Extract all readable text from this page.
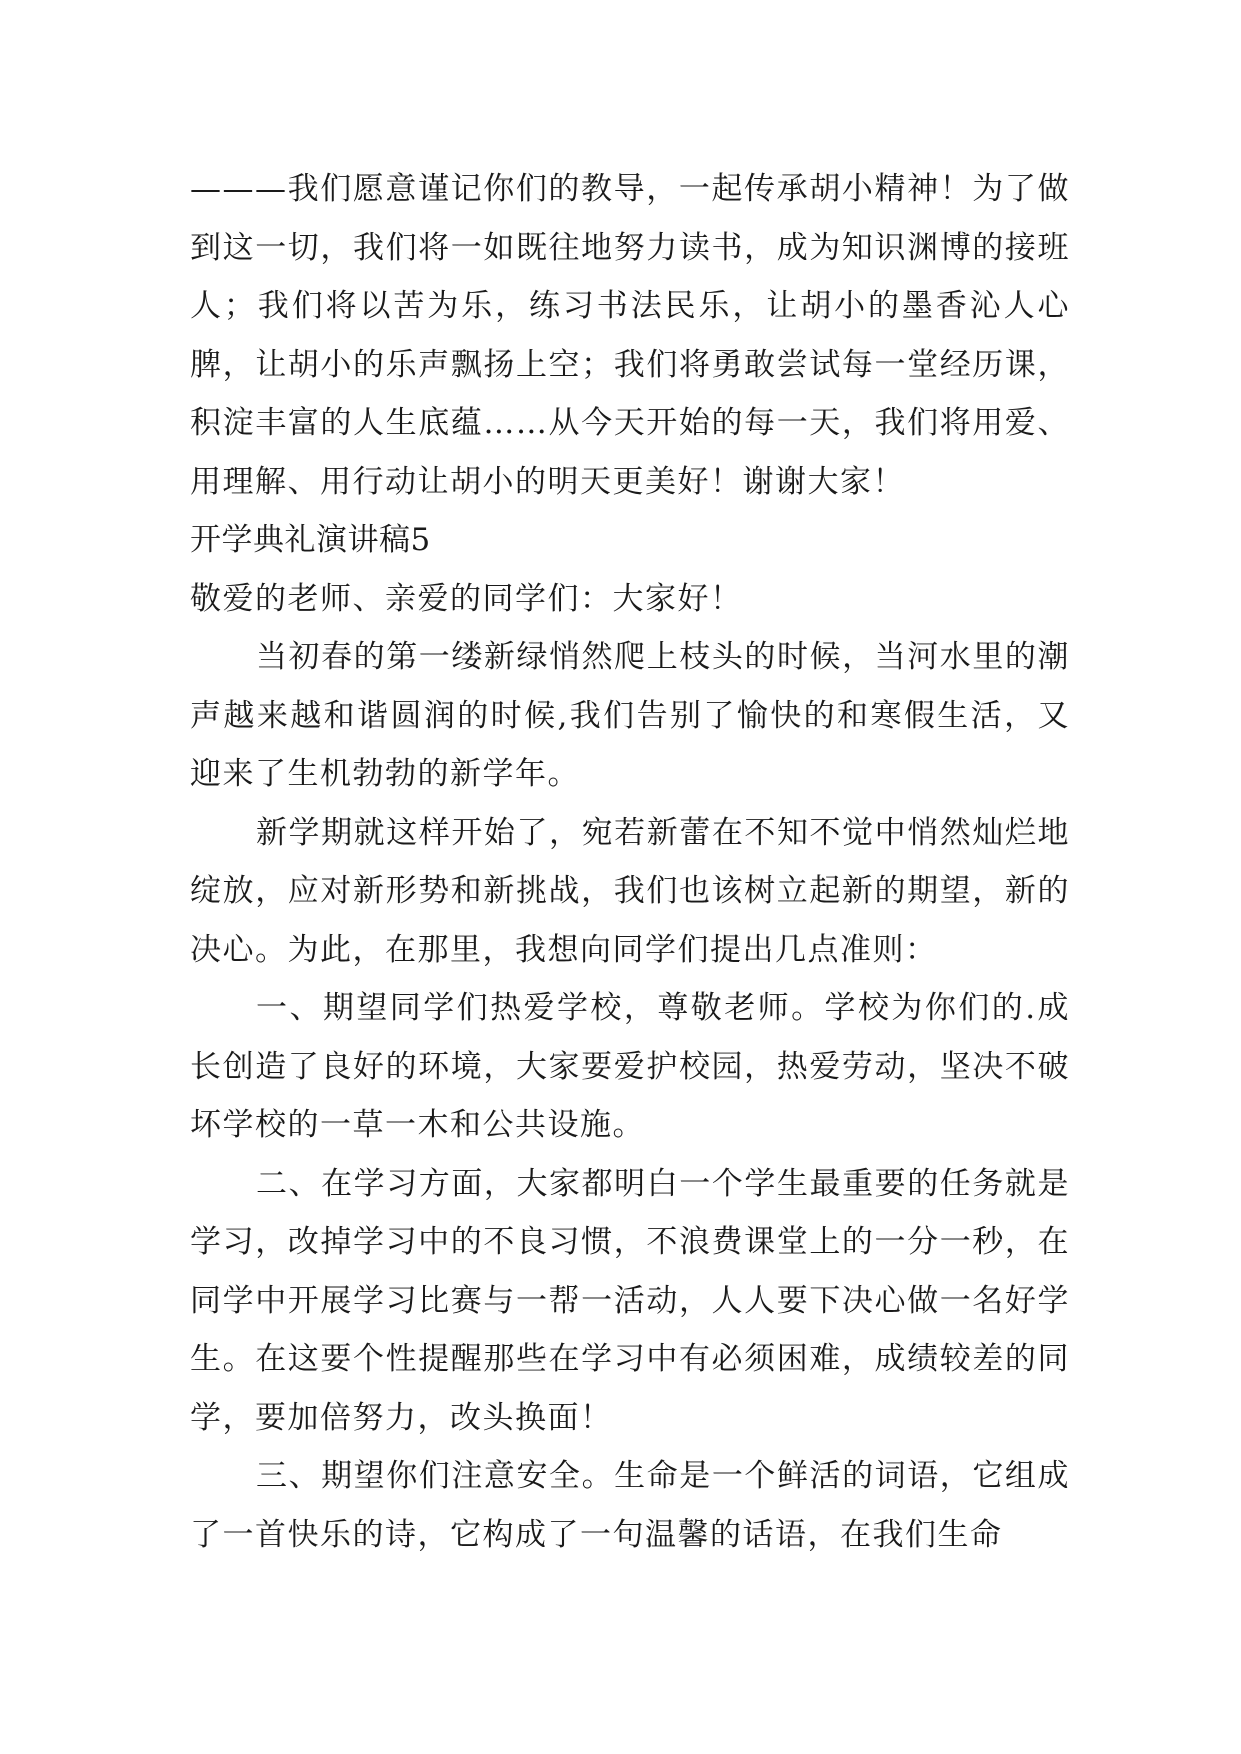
———我们愿意谨记你们的教导，一起传承胡小精神！为了做到这一切，我们将一如既往地努力读书，成为知识渊博的接班人；我们将以苦为乐，练习书法民乐，让胡小的墨香沁人心脾，让胡小的乐声飘扬上空；我们将勇敢尝试每一堂经历课，积淀丰富的人生底蕴……从今天开始的每一天，我们将用爱、用理解、用行动让胡小的明天更美好！谢谢大家！

开学典礼演讲稿5

敬爱的老师、亲爱的同学们：大家好！

当初春的第一缕新绿悄然爬上枝头的时候，当河水里的潮声越来越和谐圆润的时候,我们告别了愉快的和寒假生活，又迎来了生机勃勃的新学年。

新学期就这样开始了，宛若新蕾在不知不觉中悄然灿烂地绽放，应对新形势和新挑战，我们也该树立起新的期望，新的决心。为此，在那里，我想向同学们提出几点准则：

一、期望同学们热爱学校，尊敬老师。学校为你们的.成长创造了良好的环境，大家要爱护校园，热爱劳动，坚决不破坏学校的一草一木和公共设施。

二、在学习方面，大家都明白一个学生最重要的任务就是学习，改掉学习中的不良习惯，不浪费课堂上的一分一秒，在同学中开展学习比赛与一帮一活动，人人要下决心做一名好学生。在这要个性提醒那些在学习中有必须困难，成绩较差的同学，要加倍努力，改头换面！

三、期望你们注意安全。生命是一个鲜活的词语，它组成了一首快乐的诗，它构成了一句温馨的话语，在我们生命
